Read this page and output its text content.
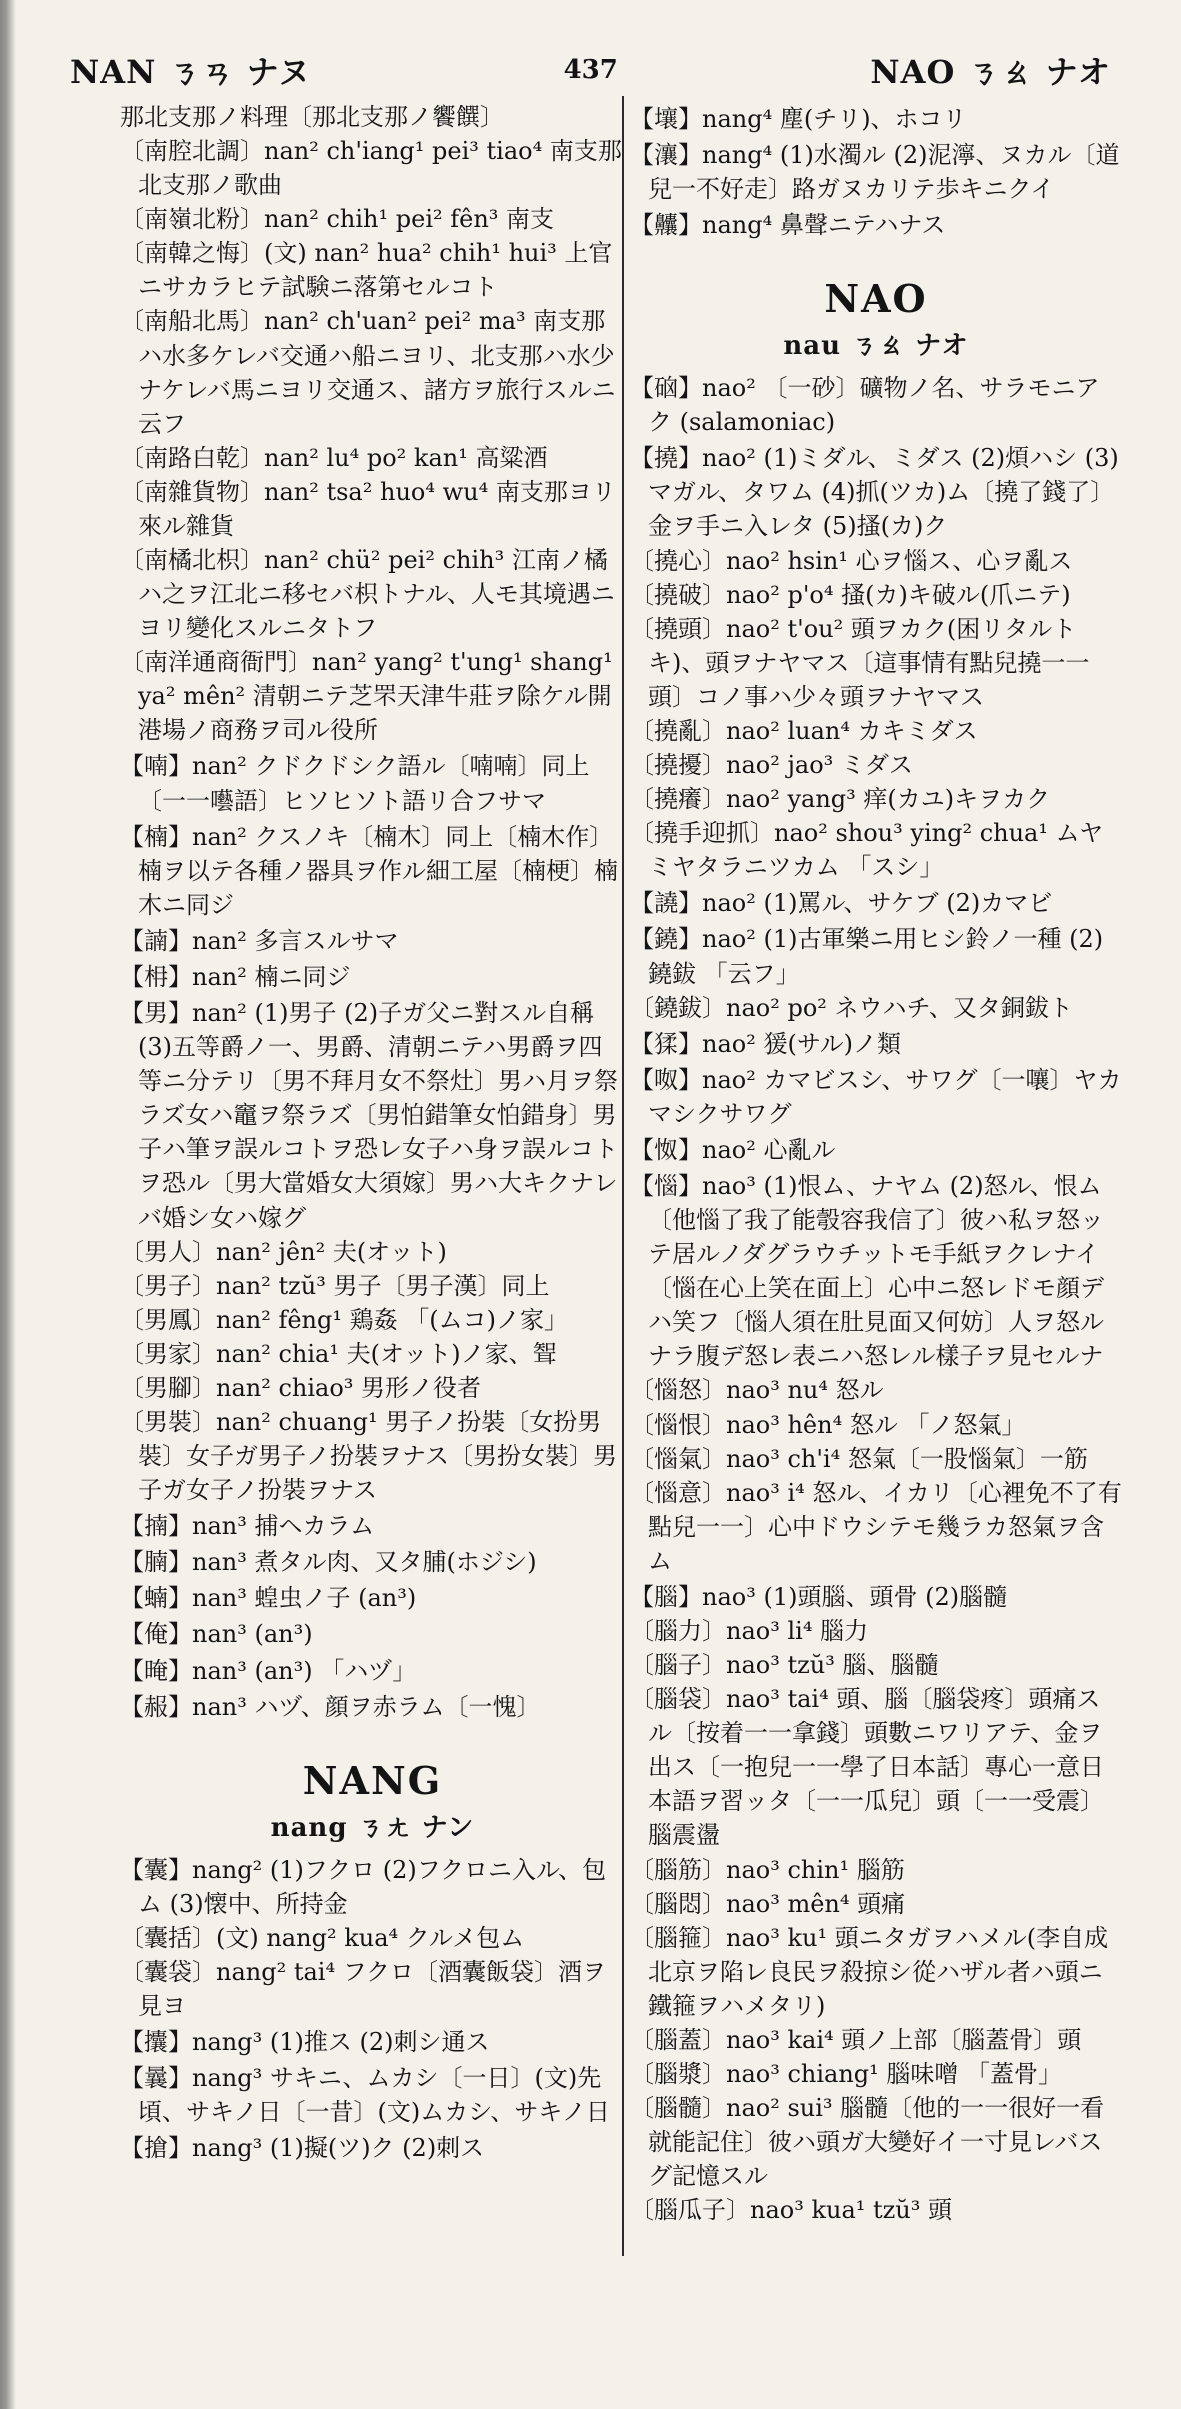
NAN ㄋㄢ ナヌ	437	NAO ㄋㄠ ナオ

那北支那ノ料理〔那北支那ノ饗饌〕

〔南腔北調〕nan² ch'iang¹ pei³ tiao⁴ 南支那北支那ノ歌曲

〔南嶺北粉〕nan² chih¹ pei² fên³ 南支

〔南韓之悔〕(文) nan² hua² chih¹ hui³ 上官ニサカラヒテ試験ニ落第セルコト

〔南船北馬〕nan² ch'uan² pei² ma³ 南支那ハ水多ケレバ交通ハ船ニヨリ、北支那ハ水少ナケレバ馬ニヨリ交通ス、諸方ヲ旅行スルニ云フ

〔南路白乾〕nan² lu⁴ po² kan¹ 高粱酒

〔南雜貨物〕nan² tsa² huo⁴ wu⁴ 南支那ヨリ來ル雜貨

〔南橘北枳〕nan² chü² pei² chih³ 江南ノ橘ハ之ヲ江北ニ移セバ枳トナル、人モ其境遇ニヨリ變化スルニタトフ

〔南洋通商衙門〕nan² yang² t'ung¹ shang¹ ya² mên² 清朝ニテ芝罘天津牛莊ヲ除ケル開港場ノ商務ヲ司ル役所

【喃】nan² クドクドシク語ル〔喃喃〕同上〔一一囈語〕ヒソヒソト語リ合フサマ

【楠】nan² クスノキ〔楠木〕同上〔楠木作〕楠ヲ以テ各種ノ器具ヲ作ル細工屋〔楠梗〕楠木ニ同ジ

【諵】nan² 多言スルサマ

【枏】nan² 楠ニ同ジ

【男】nan² (1)男子 (2)子ガ父ニ對スル自稱 (3)五等爵ノ一、男爵、清朝ニテハ男爵ヲ四等ニ分テリ〔男不拜月女不祭灶〕男ハ月ヲ祭ラズ女ハ竈ヲ祭ラズ〔男怕錯筆女怕錯身〕男子ハ筆ヲ誤ルコトヲ恐レ女子ハ身ヲ誤ルコトヲ恐ル〔男大當婚女大須嫁〕男ハ大キクナレバ婚シ女ハ嫁グ

〔男人〕nan² jên² 夫(オット)

〔男子〕nan² tzŭ³ 男子〔男子漢〕同上

〔男鳳〕nan² fêng¹ 鶏姦 「(ムコ)ノ家」

〔男家〕nan² chia¹ 夫(オット)ノ家、聟

〔男腳〕nan² chiao³ 男形ノ役者

〔男裝〕nan² chuang¹ 男子ノ扮裝〔女扮男裝〕女子ガ男子ノ扮裝ヲナス〔男扮女裝〕男子ガ女子ノ扮裝ヲナス

【揇】nan³ 捕ヘカラム

【腩】nan³ 煮タル肉、又タ脯(ホジシ)

【蝻】nan³ 蝗虫ノ子 (an³)

【俺】nan³ (an³)

【晻】nan³ (an³) 「ハヅ」

【赧】nan³ ハヅ、顔ヲ赤ラム〔一愧〕

NANG
nang ㄋㄤ ナン

【囊】nang² (1)フクロ (2)フクロニ入ル、包ム (3)懐中、所持金

〔囊括〕(文) nang² kua⁴ クルメ包ム

〔囊袋〕nang² tai⁴ フクロ〔酒囊飯袋〕酒ヲ見ヨ

【攮】nang³ (1)推ス (2)刺シ通ス

【曩】nang³ サキニ、ムカシ〔一日〕(文)先頃、サキノ日〔一昔〕(文)ムカシ、サキノ日

【搶】nang³ (1)擬(ツ)ク (2)刺ス

【壤】nang⁴ 塵(チリ)、ホコリ

【瀼】nang⁴ (1)水濁ル (2)泥濘、ヌカル〔道兒一不好走〕路ガヌカリテ歩キニクイ

【齉】nang⁴ 鼻聲ニテハナス

NAO
nau ㄋㄠ ナオ

【硇】nao² 〔一砂〕礦物ノ名、サラモニアク (salamoniac)

【撓】nao² (1)ミダル、ミダス (2)煩ハシ (3)マガル、タワム (4)抓(ツカ)ム〔撓了錢了〕金ヲ手ニ入レタ (5)搔(カ)ク

〔撓心〕nao² hsin¹ 心ヲ惱ス、心ヲ亂ス

〔撓破〕nao² p'o⁴ 搔(カ)キ破ル(爪ニテ)

〔撓頭〕nao² t'ou² 頭ヲカク(困リタルトキ)、頭ヲナヤマス〔這事情有點兒撓一一頭〕コノ事ハ少々頭ヲナヤマス

〔撓亂〕nao² luan⁴ カキミダス

〔撓擾〕nao² jao³ ミダス

〔撓癢〕nao² yang³ 痒(カユ)キヲカク

〔撓手迎抓〕nao² shou³ ying² chua¹ ムヤミヤタラニツカム 「スシ」

【譊】nao² (1)罵ル、サケブ (2)カマビ

【鐃】nao² (1)古軍樂ニ用ヒシ鈴ノ一種 (2)鐃鈸 「云フ」

〔鐃鈸〕nao² po² ネウハチ、又タ銅鈸ト

【猱】nao² 猨(サル)ノ類

【呶】nao² カマビスシ、サワグ〔一嚷〕ヤカマシクサワグ

【怓】nao² 心亂ル

【惱】nao³ (1)恨ム、ナヤム (2)怒ル、恨ム〔他惱了我了能彀容我信了〕彼ハ私ヲ怒ッテ居ルノダグラウチットモ手紙ヲクレナイ〔惱在心上笑在面上〕心中ニ怒レドモ顔デハ笑フ〔惱人須在肚見面又何妨〕人ヲ怒ルナラ腹デ怒レ表ニハ怒レル樣子ヲ見セルナ

〔惱怒〕nao³ nu⁴ 怒ル

〔惱恨〕nao³ hên⁴ 怒ル 「ノ怒氣」

〔惱氣〕nao³ ch'i⁴ 怒氣〔一股惱氣〕一筋

〔惱意〕nao³ i⁴ 怒ル、イカリ〔心裡免不了有點兒一一〕心中ドウシテモ幾ラカ怒氣ヲ含ム

【腦】nao³ (1)頭腦、頭骨 (2)腦髓

〔腦力〕nao³ li⁴ 腦力

〔腦子〕nao³ tzŭ³ 腦、腦髓

〔腦袋〕nao³ tai⁴ 頭、腦〔腦袋疼〕頭痛スル〔按着一一拿錢〕頭數ニワリアテ、金ヲ出ス〔一抱兒一一學了日本話〕專心一意日本語ヲ習ッタ〔一一瓜兒〕頭〔一一受震〕腦震盪

〔腦筋〕nao³ chin¹ 腦筋

〔腦悶〕nao³ mên⁴ 頭痛

〔腦箍〕nao³ ku¹ 頭ニタガヲハメル(李自成北京ヲ陷レ良民ヲ殺掠シ從ハザル者ハ頭ニ鐵箍ヲハメタリ)

〔腦蓋〕nao³ kai⁴ 頭ノ上部〔腦蓋骨〕頭

〔腦漿〕nao³ chiang¹ 腦味噌 「蓋骨」

〔腦髓〕nao² sui³ 腦髓〔他的一一很好一看就能記住〕彼ハ頭ガ大變好イ一寸見レバスグ記憶スル

〔腦瓜子〕nao³ kua¹ tzŭ³ 頭
